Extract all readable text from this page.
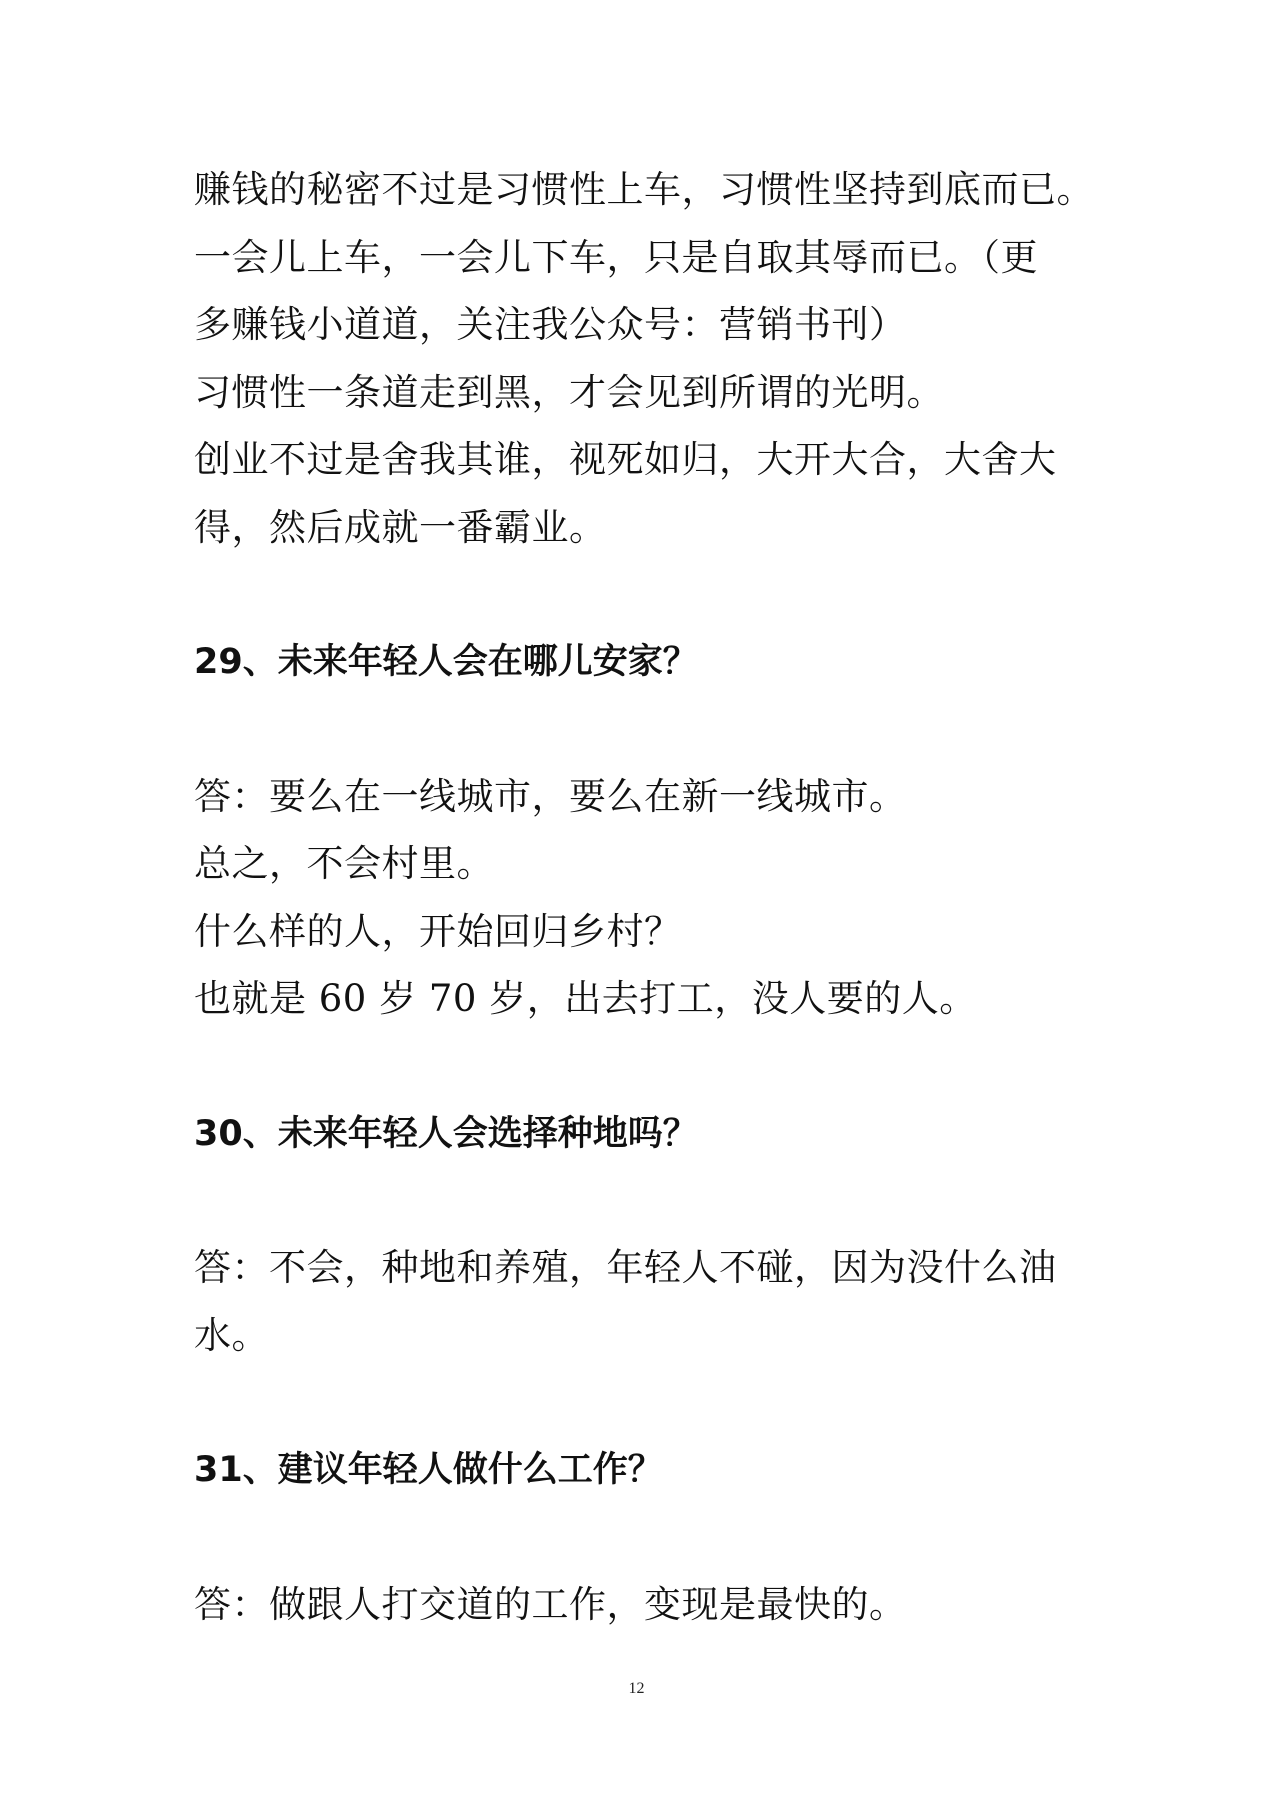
赚钱的秘密不过是习惯性上车，习惯性坚持到底而已。
一会儿上车，一会儿下车，只是自取其辱而已。（更
多赚钱小道道，关注我公众号：营销书刊）
习惯性一条道走到黑，才会见到所谓的光明。
创业不过是舍我其谁，视死如归，大开大合，大舍大
得，然后成就一番霸业。
29、未来年轻人会在哪儿安家？
答：要么在一线城市，要么在新一线城市。
总之，不会村里。
什么样的人，开始回归乡村？
也就是 60 岁 70 岁，出去打工，没人要的人。
30、未来年轻人会选择种地吗？
答：不会，种地和养殖，年轻人不碰，因为没什么油
水。
31、建议年轻人做什么工作？
答：做跟人打交道的工作，变现是最快的。
12
